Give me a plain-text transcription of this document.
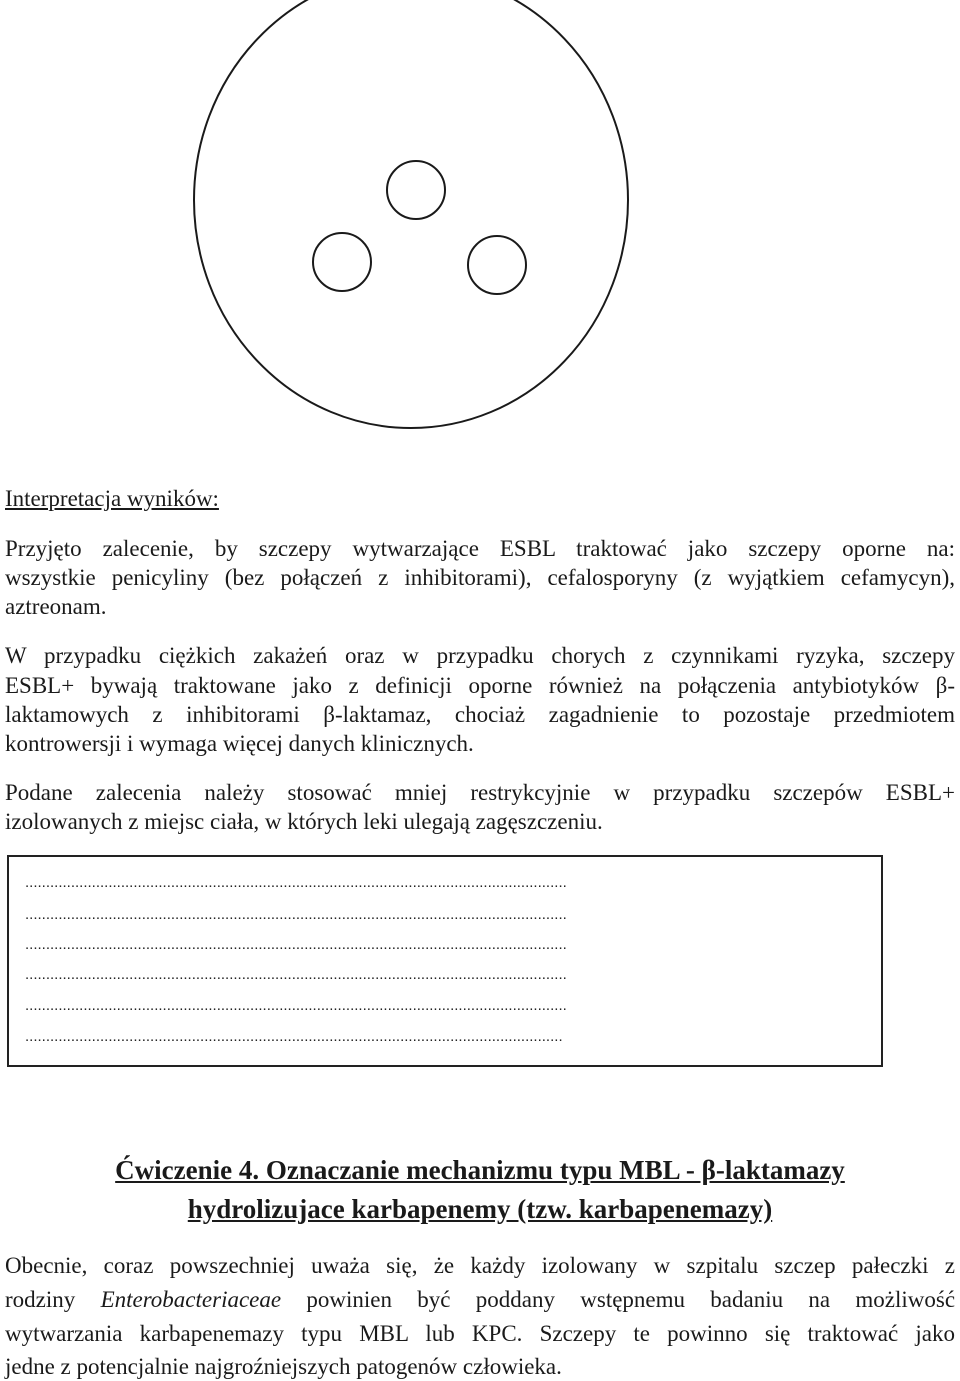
Interpretacja wyników:
Przyjęto zalecenie, by szczepy wytwarzające ESBL traktować jako szczepy oporne na:
wszystkie penicyliny (bez połączeń z inhibitorami), cefalosporyny (z wyjątkiem cefamycyn),
aztreonam.
W przypadku ciężkich zakażeń oraz w przypadku chorych z czynnikami ryzyka, szczepy
ESBL+ bywają traktowane jako z definicji oporne również na połączenia antybiotyków β-
laktamowych z inhibitorami β-laktamaz, chociaż zagadnienie to pozostaje przedmiotem
kontrowersji i wymaga więcej danych klinicznych.
Podane zalecenia należy stosować mniej restrykcyjnie w przypadku szczepów ESBL+
izolowanych z miejsc ciała, w których leki ulegają zagęszczeniu.
..................................................................................................................................
..................................................................................................................................
..................................................................................................................................
..................................................................................................................................
..................................................................................................................................
.................................................................................................................................
Ćwiczenie 4. Oznaczanie mechanizmu typu MBL - β-laktamazy
hydrolizujace karbapenemy (tzw. karbapenemazy)
Obecnie, coraz powszechniej uważa się, że każdy izolowany w szpitalu szczep pałeczki z
rodziny Enterobacteriaceae powinien być poddany wstępnemu badaniu na możliwość
wytwarzania karbapenemazy typu MBL lub KPC. Szczepy te powinno się traktować jako
jedne z potencjalnie najgroźniejszych patogenów człowieka.
